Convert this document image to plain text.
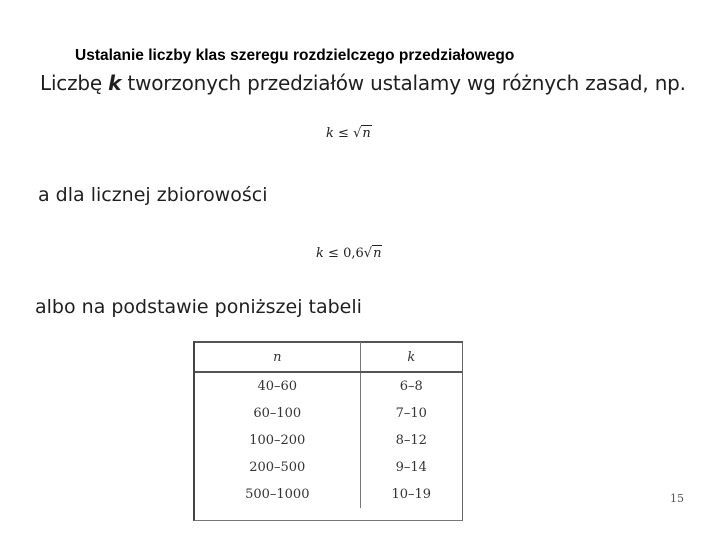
Ustalanie liczby klas szeregu rozdzielczego przedziałowego
Liczbę k tworzonych przedziałów ustalamy wg różnych zasad, np.
k ≤ √n
a dla licznej zbiorowości
k ≤ 0,6√n
albo na podstawie poniższej tabeli
n	k
40–60	6–8
60–100	7–10
100–200	8–12
200–500	9–14
500–1000	10–19	15
